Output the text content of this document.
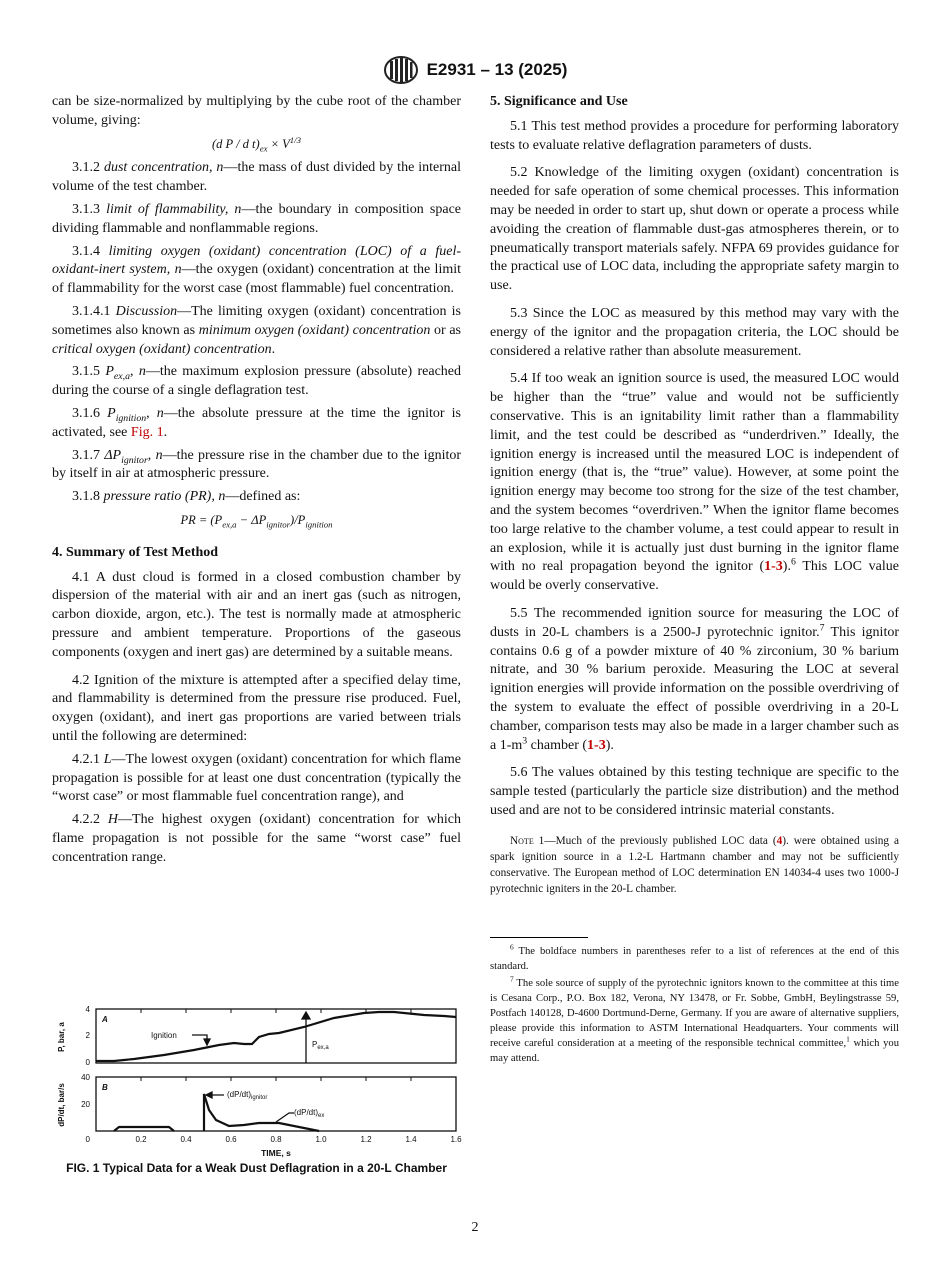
E2931 – 13 (2025)

can be size-normalized by multiplying by the cube root of the chamber volume, giving:

(d P / d $t)_{ex} \times V^{1/3}$

3.1.2 dust concentration, n—the mass of dust divided by the internal volume of the test chamber.

3.1.3 limit of flammability, n—the boundary in composition space dividing flammable and nonflammable regions.

3.1.4 limiting oxygen (oxidant) concentration (LOC) of a fuel-oxidant-inert system, n—the oxygen (oxidant) concentration at the limit of flammability for the worst case (most flammable) fuel concentration.

3.1.4.1 Discussion—The limiting oxygen (oxidant) concentration is sometimes also known as minimum oxygen (oxidant) concentration or as critical oxygen (oxidant) concentration.

3.1.5 $P_{ex,a}$, n—the maximum explosion pressure (absolute) reached during the course of a single deflagration test.

3.1.6 $P_{ignition}$, n—the absolute pressure at the time the ignitor is activated, see Fig. 1.

3.1.7 $\Delta P_{ignitor}$, n—the pressure rise in the chamber due to the ignitor by itself in air at atmospheric pressure.

3.1.8 pressure ratio (PR), n—defined as:

PR = $(P_{ex,a} - \Delta P_{ignitor})/P_{ignition}$
4. Summary of Test Method

4.1 A dust cloud is formed in a closed combustion chamber by dispersion of the material with air and an inert gas (such as nitrogen, carbon dioxide, argon, etc.). The test is normally made at atmospheric pressure and ambient temperature. Proportions of the gaseous components (oxygen and inert gas) are determined by a suitable means.

4.2 Ignition of the mixture is attempted after a specified delay time, and flammability is determined from the pressure rise produced. Fuel, oxygen (oxidant), and inert gas proportions are varied between trials until the following are determined:

4.2.1 L—The lowest oxygen (oxidant) concentration for which flame propagation is possible for at least one dust concentration (typically the “worst case” or most flammable fuel concentration range), and

4.2.2 H—The highest oxygen (oxidant) concentration for which flame propagation is not possible for the same “worst case” fuel concentration range.

5. Significance and Use

5.1 This test method provides a procedure for performing laboratory tests to evaluate relative deflagration parameters of dusts.

5.2 Knowledge of the limiting oxygen (oxidant) concentration is needed for safe operation of some chemical processes. This information may be needed in order to start up, shut down or operate a process while avoiding the creation of flammable dust-gas atmospheres therein, or to pneumatically transport materials safely. NFPA 69 provides guidance for the practical use of LOC data, including the appropriate safety margin to use.

5.3 Since the LOC as measured by this method may vary with the energy of the ignitor and the propagation criteria, the LOC should be considered a relative rather than absolute measurement.

5.4 If too weak an ignition source is used, the measured LOC would be higher than the “true” value and would not be sufficiently conservative. This is an ignitability limit rather than a flammability limit, and the test could be described as “underdriven.” Ideally, the ignition energy is increased until the measured LOC is independent of ignition energy (that is, the “true” value). However, at some point the ignition energy may become too strong for the size of the test chamber, and the system becomes “overdriven.” When the ignitor flame becomes too large relative to the chamber volume, a test could appear to result in an explosion, while it is actually just dust burning in the ignitor flame with no real propagation beyond the ignitor (1-3).$^6$ This LOC value would be overly conservative.

5.5 The recommended ignition source for measuring the LOC of dusts in 20-L chambers is a 2500-J pyrotechnic ignitor.$^7$ This ignitor contains 0.6 g of a powder mixture of 40 % zirconium, 30 % barium nitrate, and 30 % barium peroxide. Measuring the LOC at several ignition energies will provide information on the possible overdriving of the system to evaluate the effect of possible overdriving in a 20-L chamber, comparison tests may also be made in a larger chamber such as a $1-m^3$ chamber (1-3).

5.6 The values obtained by this testing technique are specific to the sample tested (particularly the particle size distribution) and the method used and are not to be considered intrinsic material constants.

Note 1—Much of the previously published LOC data (4). were obtained using a spark ignition source in a 1.2-L Hartmann chamber and may not be sufficiently conservative. The European method of LOC determination EN 14034-4 uses two 1000-J pyrotechnic igniters in the 20-L chamber.

$^6$ The boldface numbers in parentheses refer to a list of references at the end of this standard.

$^7$ The sole source of supply of the pyrotechnic ignitors known to the committee at this time is Cesana Corp., P.O. Box 182, Verona, NY 13478, or Fr. Sobbe, GmbH, Beylingstrasse 59, Postfach 140128, D-4600 Dortmund-Derne, Germany. If you are aware of alternative suppliers, please provide this information to ASTM International Headquarters. Your comments will receive careful consideration at a meeting of the responsible technical committee,$^1$ which you may attend.

4
2
0
40
20
0	0.2	0.4	0.6	0.8	1.0	1.2	1.4	1.6
TIME, s
P, bar, a
dP/dt, bar/s
A
B
Ignition
$P_{ex,a}$
$(dP/dt)_{ignitor}$
$(dP/dt)_{ex}$
FIG. 1 Typical Data for a Weak Dust Deflagration in a 20-L Chamber
2
